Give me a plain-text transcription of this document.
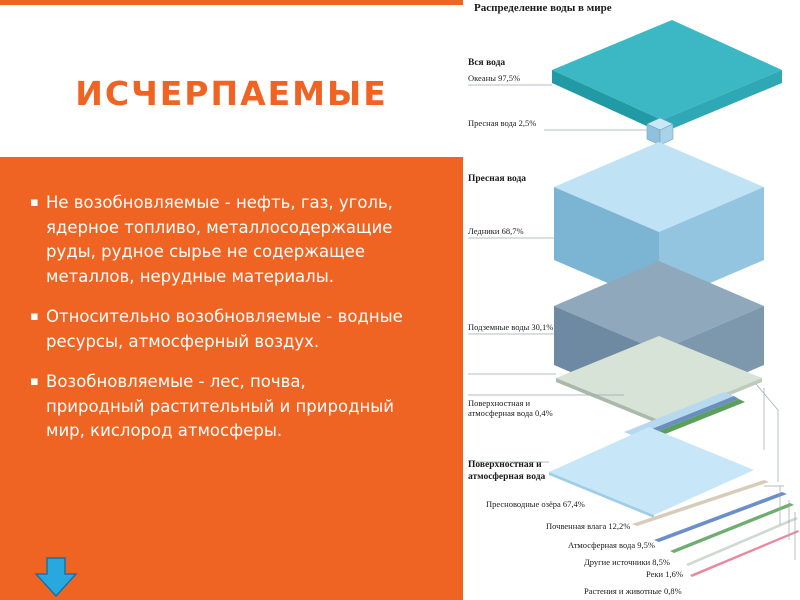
ИСЧЕРПАЕМЫЕ
▪ Не возобновляемые - нефть, газ, уголь, ядерное топливо, металлосодержащие руды, рудное сырье не содержащее металлов, нерудные материалы.
▪ Относительно возобновляемые - водные ресурсы, атмосферный воздух.
▪ Возобновляемые - лес, почва, природный растительный и природный мир, кислород атмосферы.
Распределение воды в мире
Вся вода
Океаны 97,5%
Пресная вода 2,5%
Пресная вода
Ледники 68,7%
Подземные воды 30,1%
Поверхностная и
атмосферная вода 0,4%
Поверхностная и
атмосферная вода
Пресноводные озёра 67,4%
Почвенная влага 12,2%
Атмосферная вода 9,5%
Другие источники 8,5%
Реки 1,6%
Растения и животные 0,8%
